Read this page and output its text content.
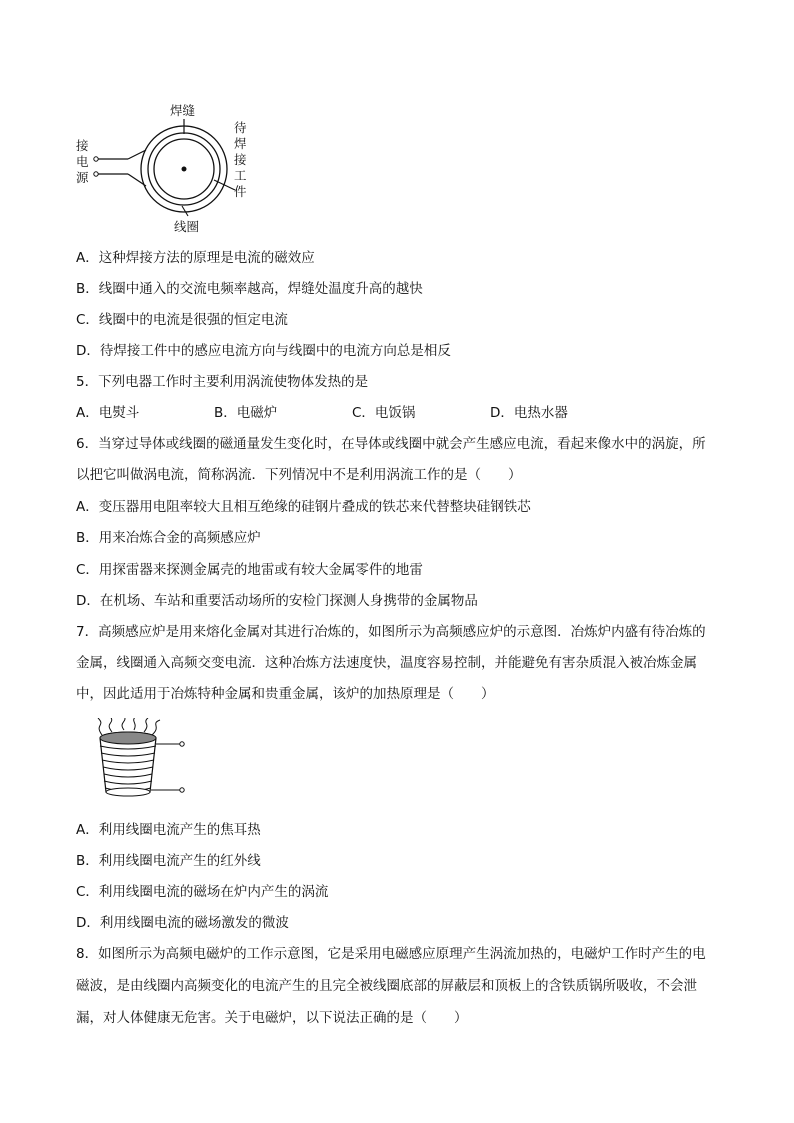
焊缝
接
电
源
待
焊
接
工
件
线圈
A．这种焊接方法的原理是电流的磁效应
B．线圈中通入的交流电频率越高，焊缝处温度升高的越快
C．线圈中的电流是很强的恒定电流
D．待焊接工件中的感应电流方向与线圈中的电流方向总是相反
5．下列电器工作时主要利用涡流使物体发热的是
A．电熨斗	B．电磁炉	C．电饭锅	D．电热水器
6．当穿过导体或线圈的磁通量发生变化时，在导体或线圈中就会产生感应电流，看起来像水中的涡旋，所
以把它叫做涡电流，简称涡流．下列情况中不是利用涡流工作的是（　　）
A．变压器用电阻率较大且相互绝缘的硅钢片叠成的铁芯来代替整块硅钢铁芯
B．用来冶炼合金的高频感应炉
C．用探雷器来探测金属壳的地雷或有较大金属零件的地雷
D．在机场、车站和重要活动场所的安检门探测人身携带的金属物品
7．高频感应炉是用来熔化金属对其进行冶炼的，如图所示为高频感应炉的示意图．冶炼炉内盛有待冶炼的
金属，线圈通入高频交变电流．这种冶炼方法速度快，温度容易控制，并能避免有害杂质混入被冶炼金属
中，因此适用于冶炼特种金属和贵重金属，该炉的加热原理是（　　）
A．利用线圈电流产生的焦耳热
B．利用线圈电流产生的红外线
C．利用线圈电流的磁场在炉内产生的涡流
D．利用线圈电流的磁场激发的微波
8．如图所示为高频电磁炉的工作示意图，它是采用电磁感应原理产生涡流加热的，电磁炉工作时产生的电
磁波，是由线圈内高频变化的电流产生的且完全被线圈底部的屏蔽层和顶板上的含铁质锅所吸收，不会泄
漏，对人体健康无危害。关于电磁炉，以下说法正确的是（　　）
